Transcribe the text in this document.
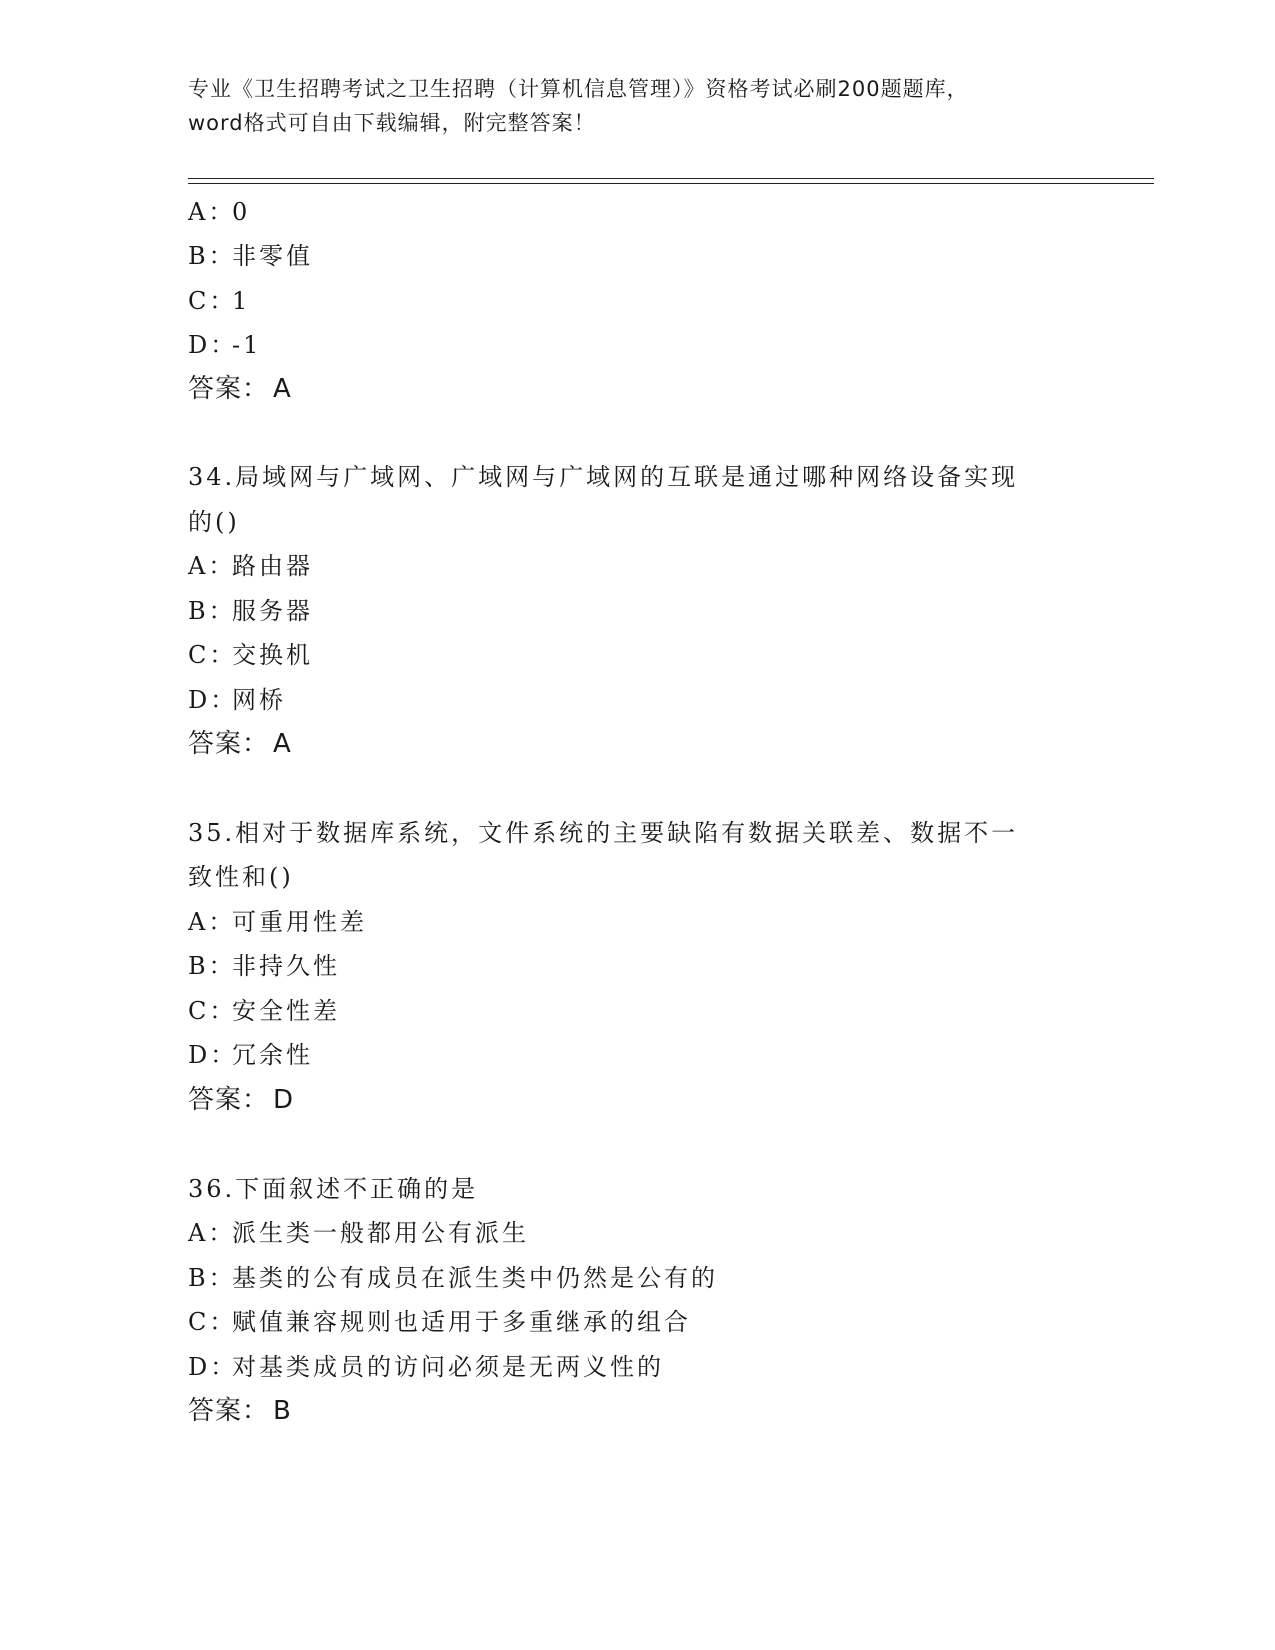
专业《卫生招聘考试之卫生招聘（计算机信息管理）》资格考试必刷200题题库，
word格式可自由下载编辑，附完整答案！
A：0
B：非零值
C：1
D：-1
答案： A
34.局域网与广域网、广域网与广域网的互联是通过哪种网络设备实现
的()
A：路由器
B：服务器
C：交换机
D：网桥
答案： A
35.相对于数据库系统，文件系统的主要缺陷有数据关联差、数据不一
致性和()
A：可重用性差
B：非持久性
C：安全性差
D：冗余性
答案： D
36.下面叙述不正确的是
A：派生类一般都用公有派生
B：基类的公有成员在派生类中仍然是公有的
C：赋值兼容规则也适用于多重继承的组合
D：对基类成员的访问必须是无两义性的
答案： B
